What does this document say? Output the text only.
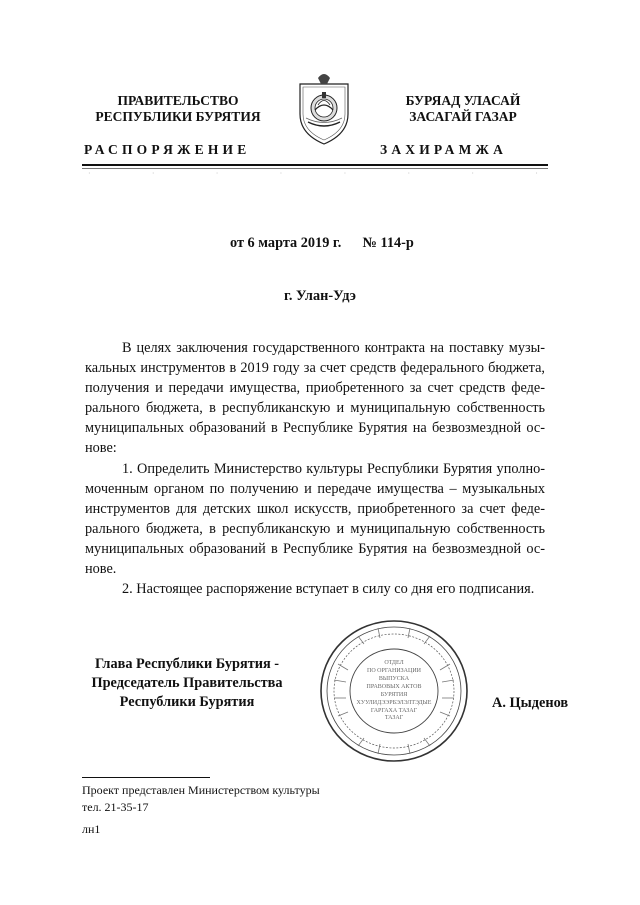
ПРАВИТЕЛЬСТВО
РЕСПУБЛИКИ БУРЯТИЯ
БУРЯАД УЛАСАЙ
ЗАСАГАЙ ГАЗАР
РАСПОРЯЖЕНИЕ	ЗАХИРАМЖА
·	·	·	·	·	·	·	·
от 6 марта 2019 г. № 114-р
г. Улан-Удэ
В целях заключения государственного контракта на поставку музы-
кальных инструментов в 2019 году за счет средств федерального бюджета,
получения и передачи имущества, приобретенного за счет средств феде-
рального бюджета, в республиканскую и муниципальную собственность
муниципальных образований в Республике Бурятия на безвозмездной ос-
нове:
1. Определить Министерство культуры Республики Бурятия уполно-
моченным органом по получению и передаче имущества – музыкальных
инструментов для детских школ искусств, приобретенного за счет феде-
рального бюджета, в республиканскую и муниципальную собственность
муниципальных образований в Республике Бурятия на безвозмездной ос-
нове.
2. Настоящее распоряжение вступает в силу со дня его подписания.
Глава Республики Бурятия -
Председатель Правительства
Республики Бурятия	А. Цыденов
ОТДЕЛ
ПО ОРГАНИЗАЦИИ
ВЫПУСКА
ПРАВОВЫХ АКТОВ
БУРЯТИЯ
ХУУЛИДЭЭРБЭЛЭЛТЭДЫЕ
ГАРГАХА ТАЗАГ
ТАЗАГ
Проект представлен Министерством культуры
тел. 21-35-17
лн1
